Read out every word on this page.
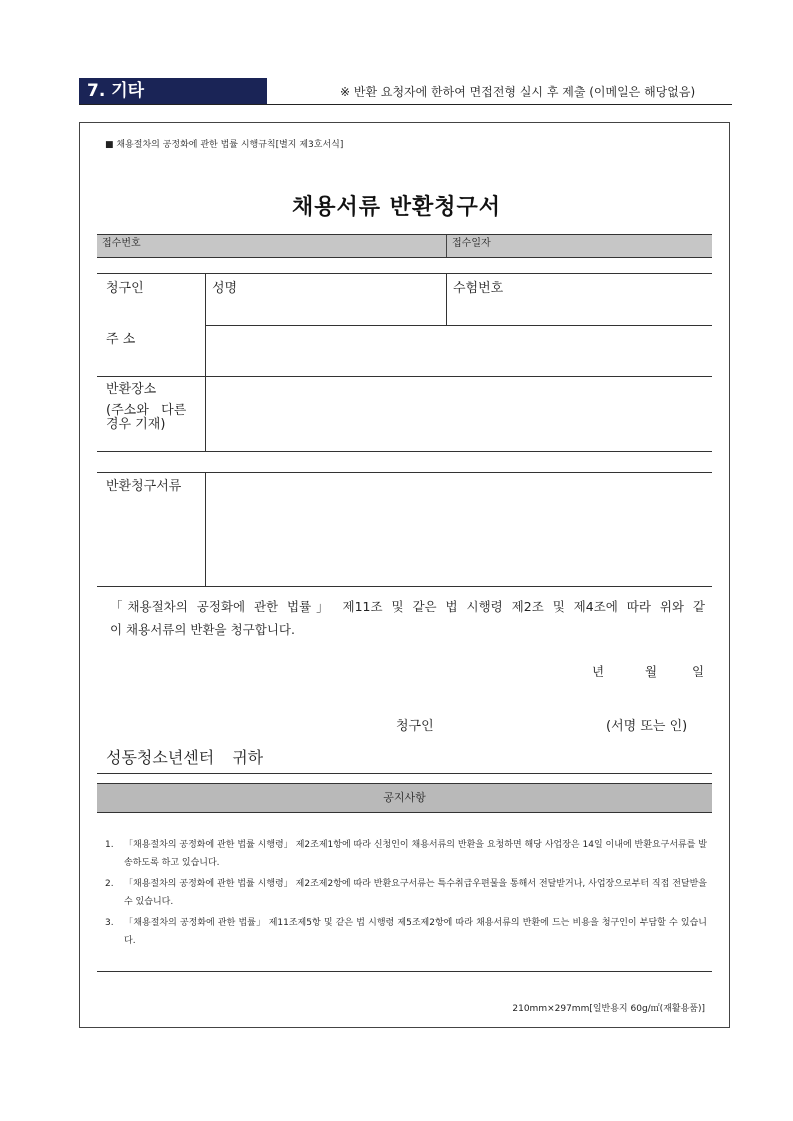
7. 기타	※ 반환 요청자에 한하여 면접전형 실시 후 제출 (이메일은 해당없음)
■ 채용절차의 공정화에 관한 법률 시행규칙[별지 제3호서식]
채용서류 반환청구서
접수번호	접수일자
청구인	성명	수험번호
주 소
반환장소
(주소와   다른
경우 기재)
반환청구서류
「채용절차의 공정화에 관한 법률」 제11조 및 같은 법 시행령 제2조 및 제4조에 따라 위와 같
이 채용서류의 반환을 청구합니다.
년	월	일
청구인	(서명 또는 인)
성동청소년센터 귀하
공지사항
1. 「채용절차의 공정화에 관한 법률 시행령」 제2조제1항에 따라 신청인이 채용서류의 반환을 요청하면 해당 사업장은 14일 이내에 반환요구서류를 발송하도록 하고 있습니다.
2. 「채용절차의 공정화에 관한 법률 시행령」 제2조제2항에 따라 반환요구서류는 특수취급우편물을 통해서 전달받거나, 사업장으로부터 직접 전달받을 수 있습니다.
3. 「채용절차의 공정화에 관한 법률」 제11조제5항 및 같은 법 시행령 제5조제2항에 따라 채용서류의 반환에 드는 비용을 청구인이 부담할 수 있습니다.
210mm×297mm[일반용지 60g/㎡(재활용품)]
